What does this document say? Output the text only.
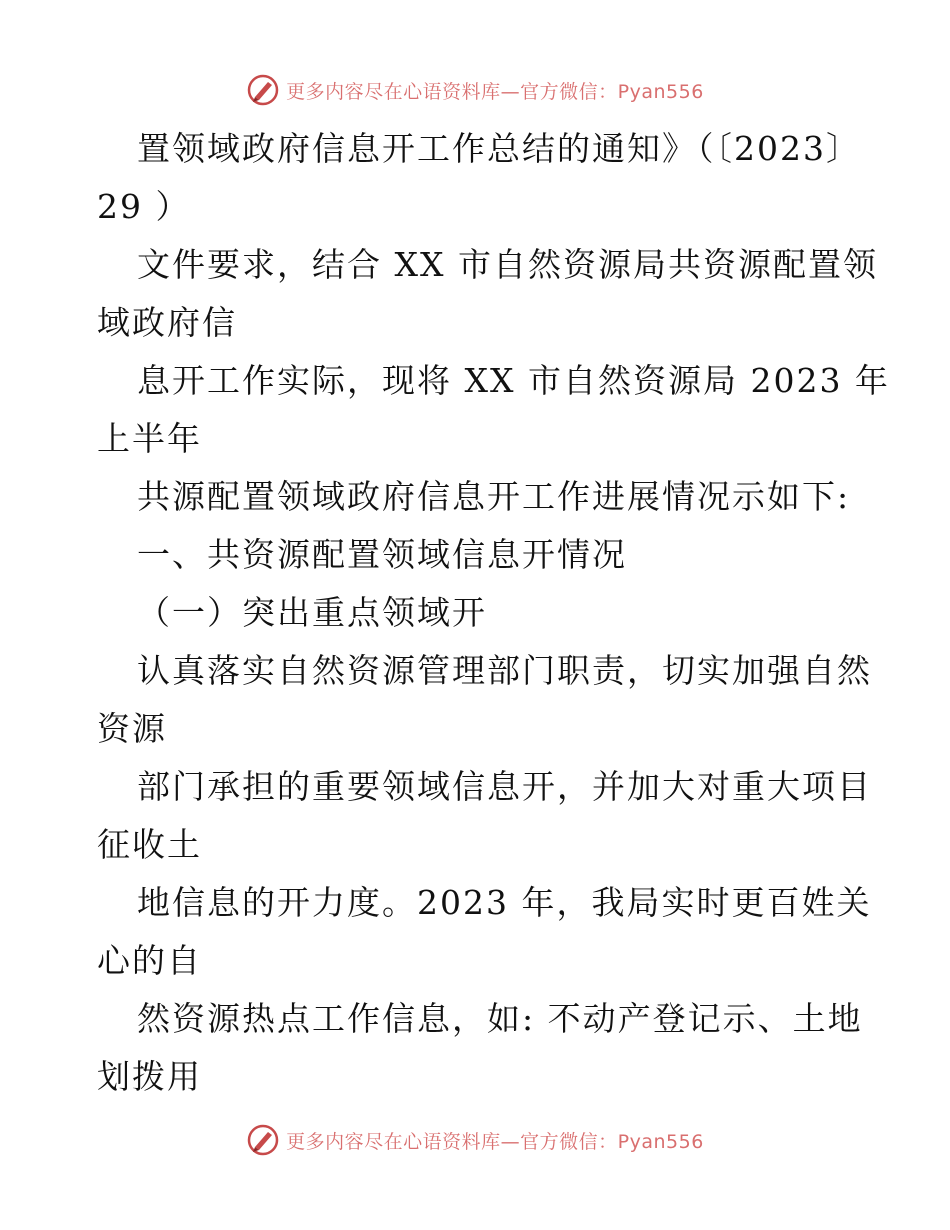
更多内容尽在心语资料库—官方微信：Pyan556
置领域政府信息开工作总结的通知》（〔2023〕
29 ）
文件要求，结合 XX 市自然资源局共资源配置领
域政府信
息开工作实际，现将 XX 市自然资源局 2023 年
上半年
共源配置领域政府信息开工作进展情况示如下:
一、共资源配置领域信息开情况
（一）突出重点领域开
认真落实自然资源管理部门职责，切实加强自然
资源
部门承担的重要领域信息开，并加大对重大项目
征收土
地信息的开力度。2023 年，我局实时更百姓关
心的自
然资源热点工作信息，如: 不动产登记示、土地
划拨用
更多内容尽在心语资料库—官方微信：Pyan556
